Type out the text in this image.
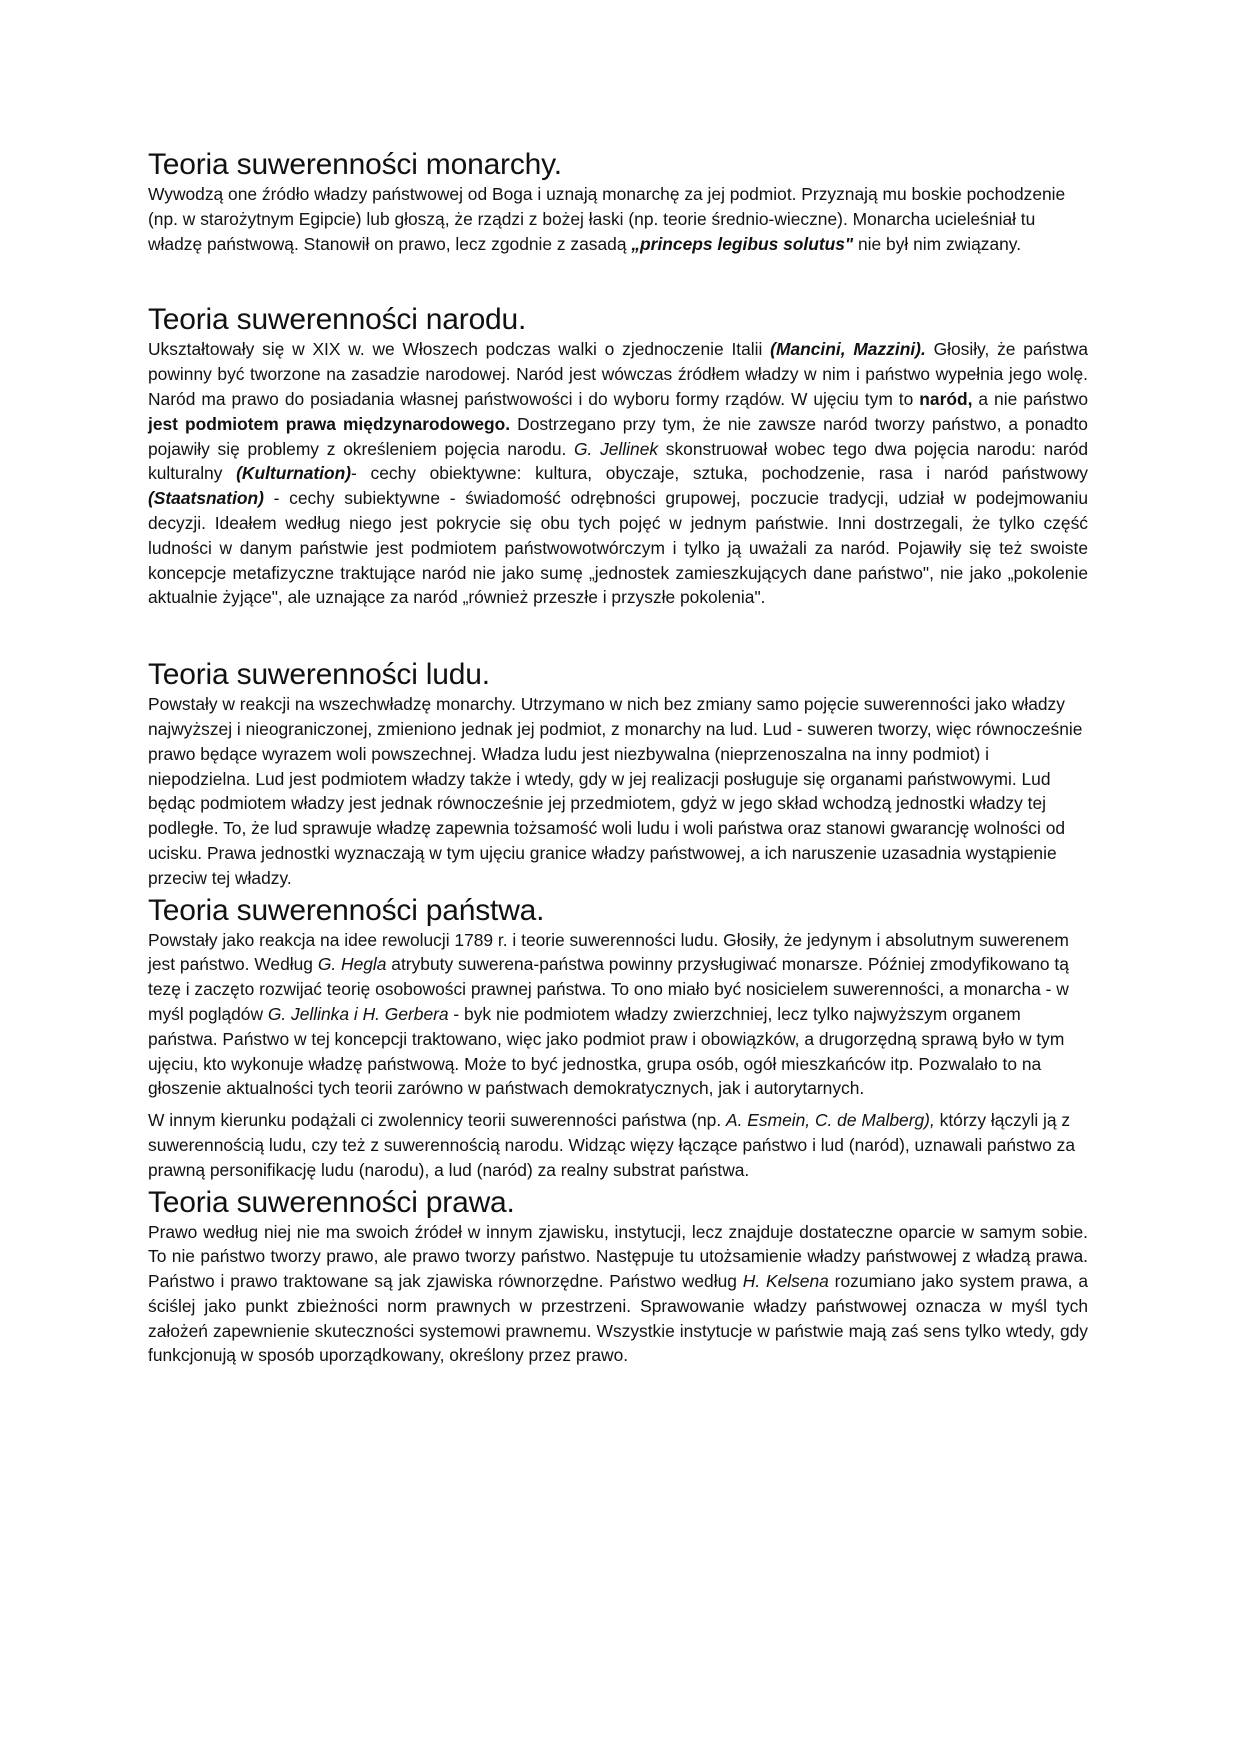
Teoria suwerenności monarchy.

Wywodzą one źródło władzy państwowej od Boga i uznają monarchę za jej podmiot. Przyznają mu boskie pochodzenie (np. w starożytnym Egipcie) lub głoszą, że rządzi z bożej łaski (np. teorie średnio-wieczne). Monarcha ucieleśniał tu władzę państwową. Stanowił on prawo, lecz zgodnie z zasadą „princeps legibus solutus" nie był nim związany.

Teoria suwerenności narodu.

Ukształtowały się w XIX w. we Włoszech podczas walki o zjednoczenie Italii (Mancini, Mazzini). Głosiły, że państwa powinny być tworzone na zasadzie narodowej. Naród jest wówczas źródłem władzy w nim i państwo wypełnia jego wolę. Naród ma prawo do posiadania własnej państwowości i do wyboru formy rządów. W ujęciu tym to naród, a nie państwo jest podmiotem prawa międzynarodowego. Dostrzegano przy tym, że nie zawsze naród tworzy państwo, a ponadto pojawiły się problemy z określeniem pojęcia narodu. G. Jellinek skonstruował wobec tego dwa pojęcia narodu: naród kulturalny (Kulturnation)- cechy obiektywne: kultura, obyczaje, sztuka, pochodzenie, rasa i naród państwowy (Staatsnation) - cechy subiektywne - świadomość odrębności grupowej, poczucie tradycji, udział w podejmowaniu decyzji. Ideałem według niego jest pokrycie się obu tych pojęć w jednym państwie. Inni dostrzegali, że tylko część ludności w danym państwie jest podmiotem państwowotwórczym i tylko ją uważali za naród. Pojawiły się też swoiste koncepcje metafizyczne traktujące naród nie jako sumę „jednostek zamieszkujących dane państwo", nie jako „pokolenie aktualnie żyjące", ale uznające za naród „również przeszłe i przyszłe pokolenia".

Teoria suwerenności ludu.

Powstały w reakcji na wszechwładzę monarchy. Utrzymano w nich bez zmiany samo pojęcie suwerenności jako władzy najwyższej i nieograniczonej, zmieniono jednak jej podmiot, z monarchy na lud. Lud - suweren tworzy, więc równocześnie prawo będące wyrazem woli powszechnej. Władza ludu jest niezbywalna (nieprzenoszalna na inny podmiot) i niepodzielna. Lud jest podmiotem władzy także i wtedy, gdy w jej realizacji posługuje się organami państwowymi. Lud będąc podmiotem władzy jest jednak równocześnie jej przedmiotem, gdyż w jego skład wchodzą jednostki władzy tej podległe. To, że lud sprawuje władzę zapewnia tożsamość woli ludu i woli państwa oraz stanowi gwarancję wolności od ucisku. Prawa jednostki wyznaczają w tym ujęciu granice władzy państwowej, a ich naruszenie uzasadnia wystąpienie przeciw tej władzy.

Teoria suwerenności państwa.

Powstały jako reakcja na idee rewolucji 1789 r. i teorie suwerenności ludu. Głosiły, że jedynym i absolutnym suwerenem jest państwo. Według G. Hegla atrybuty suwerena-państwa powinny przysługiwać monarsze. Później zmodyfikowano tą tezę i zaczęto rozwijać teorię osobowości prawnej państwa. To ono miało być nosicielem suwerenności, a monarcha - w myśl poglądów G. Jellinka i H. Gerbera - byk nie podmiotem władzy zwierzchniej, lecz tylko najwyższym organem państwa. Państwo w tej koncepcji traktowano, więc jako podmiot praw i obowiązków, a drugorzędną sprawą było w tym ujęciu, kto wykonuje władzę państwową. Może to być jednostka, grupa osób, ogół mieszkańców itp. Pozwalało to na głoszenie aktualności tych teorii zarówno w państwach demokratycznych, jak i autorytarnych.

W innym kierunku podążali ci zwolennicy teorii suwerenności państwa (np. A. Esmein, C. de Malberg), którzy łączyli ją z suwerennością ludu, czy też z suwerennością narodu. Widząc więzy łączące państwo i lud (naród), uznawali państwo za prawną personifikację ludu (narodu), a lud (naród) za realny substrat państwa.

Teoria suwerenności prawa.

Prawo według niej nie ma swoich źródeł w innym zjawisku, instytucji, lecz znajduje dostateczne oparcie w samym sobie. To nie państwo tworzy prawo, ale prawo tworzy państwo. Następuje tu utożsamienie władzy państwowej z władzą prawa. Państwo i prawo traktowane są jak zjawiska równorzędne. Państwo według H. Kelsena rozumiano jako system prawa, a ściślej jako punkt zbieżności norm prawnych w przestrzeni. Sprawowanie władzy państwowej oznacza w myśl tych założeń zapewnienie skuteczności systemowi prawnemu. Wszystkie instytucje w państwie mają zaś sens tylko wtedy, gdy funkcjonują w sposób uporządkowany, określony przez prawo.
